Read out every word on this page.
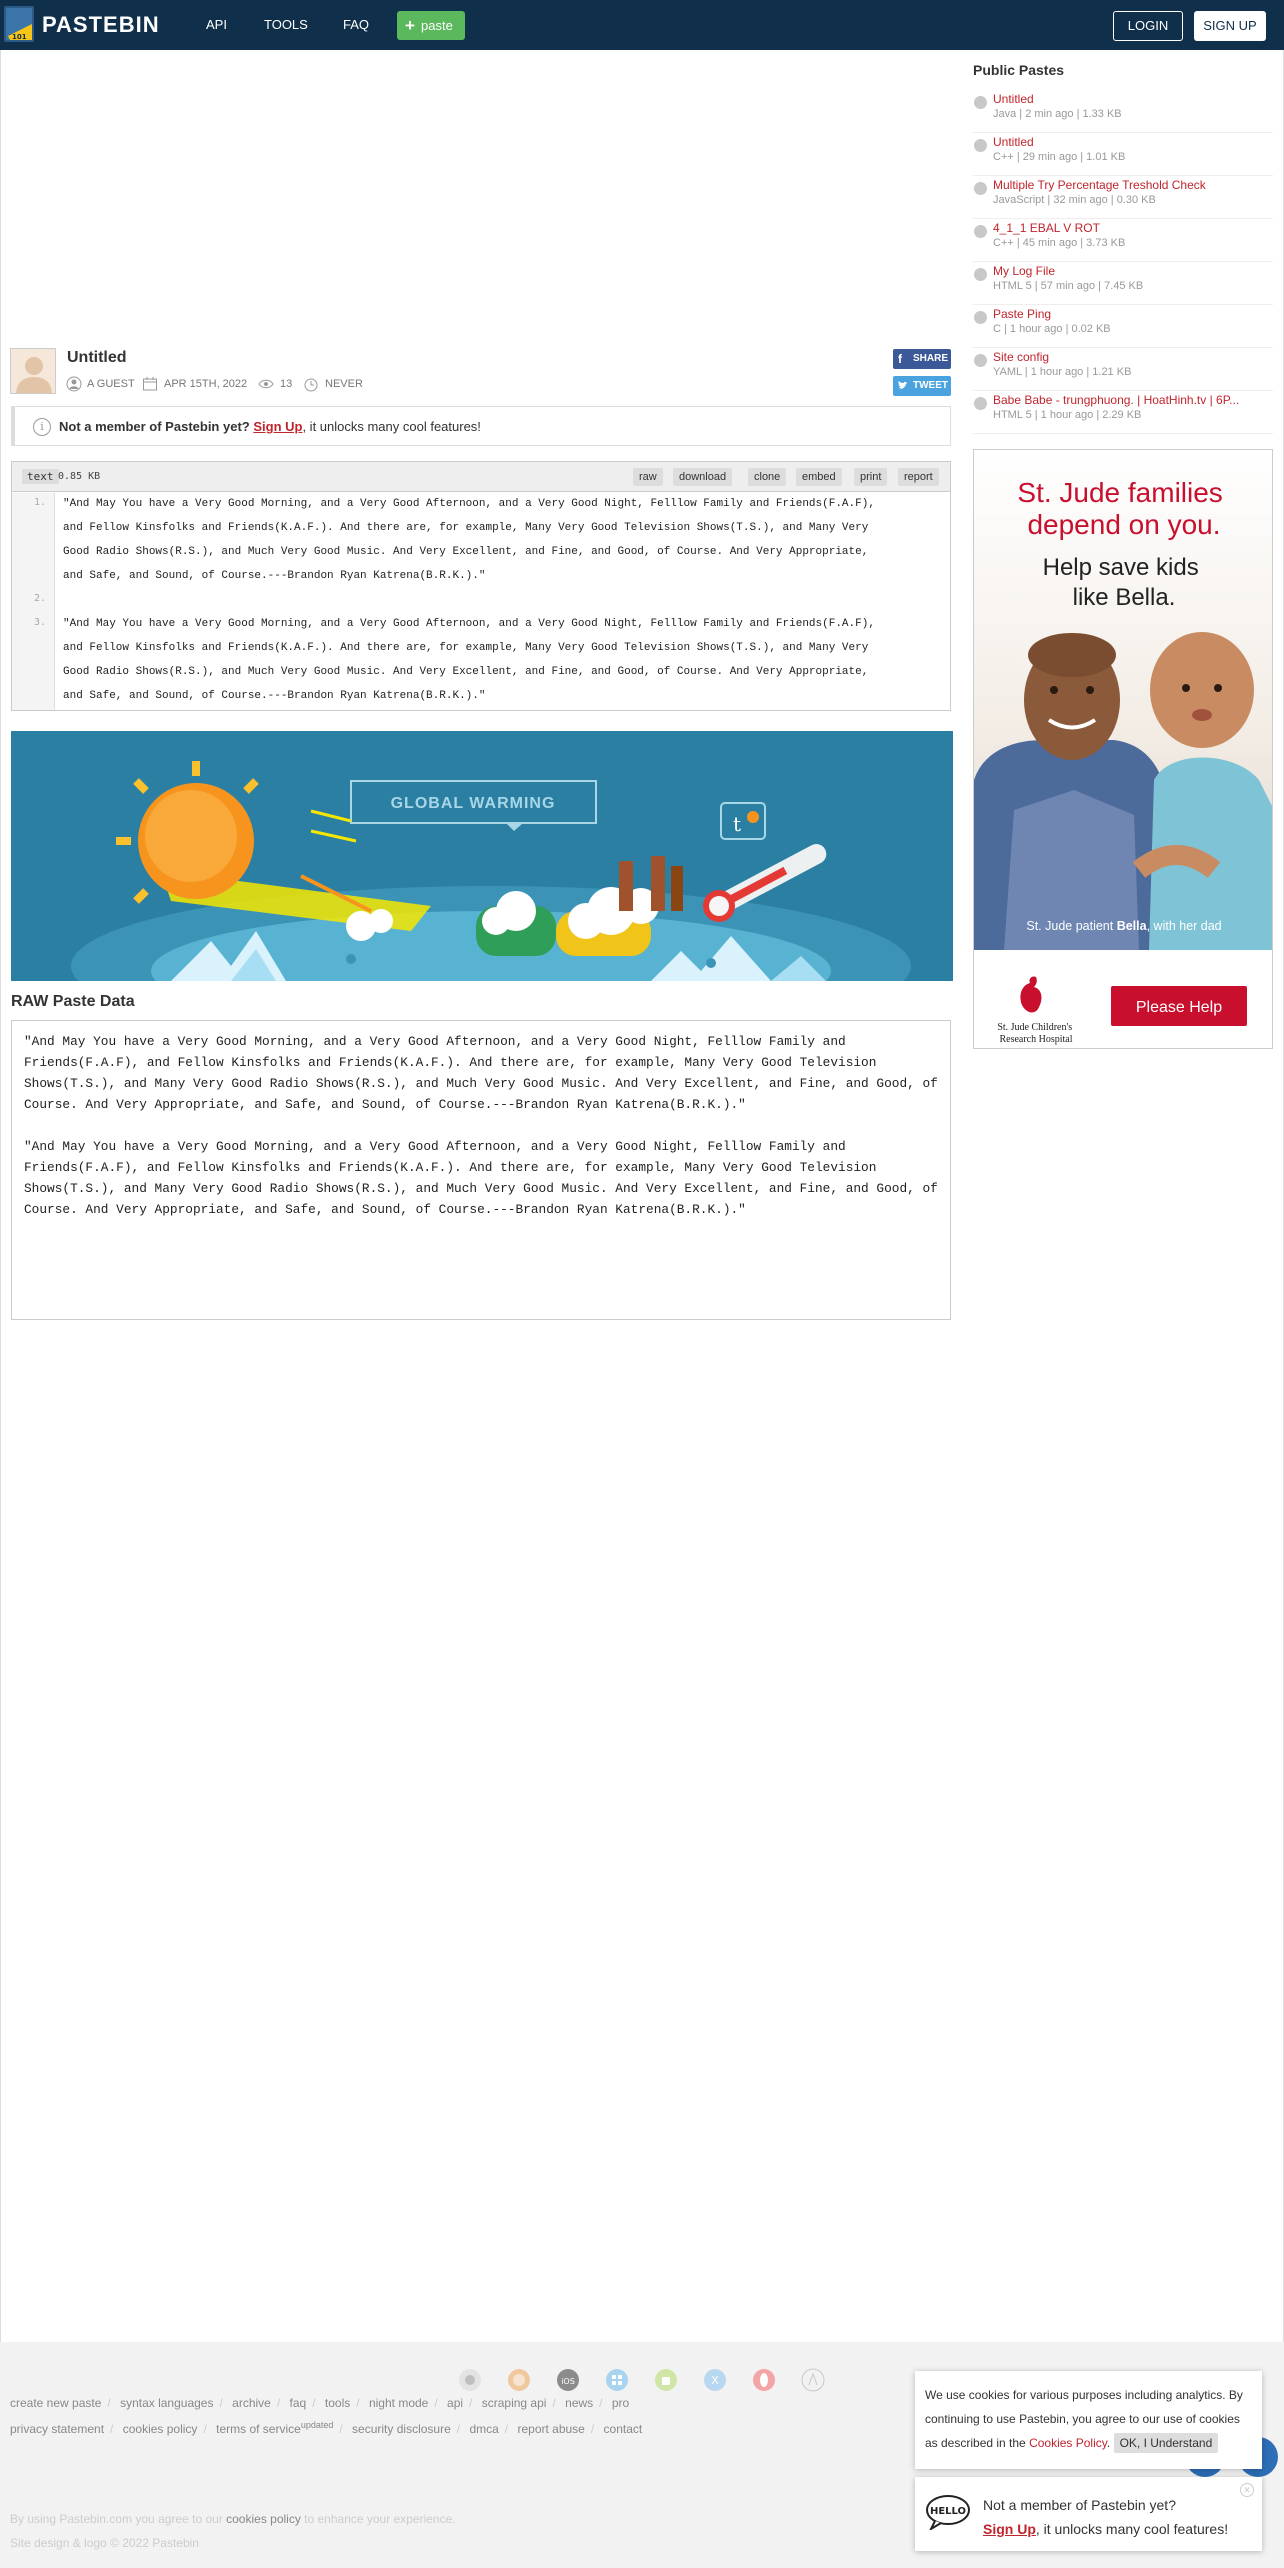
101 PASTEBIN	API	TOOLS	FAQ + paste	LOGIN	SIGN UP
Untitled
A GUEST	APR 15TH, 2022	13	NEVER
f SHARE
TWEET
i	Not a member of Pastebin yet? Sign Up, it unlocks many cool features!
text 0.85 KB	raw	download	clone	embed	print	report
1.
2.
3.
"And May You have a Very Good Morning, and a Very Good Afternoon, and a Very Good Night, Felllow Family and Friends(F.A.F),
and Fellow Kinsfolks and Friends(K.A.F.). And there are, for example, Many Very Good Television Shows(T.S.), and Many Very
Good Radio Shows(R.S.), and Much Very Good Music. And Very Excellent, and Fine, and Good, of Course. And Very Appropriate,
and Safe, and Sound, of Course.---Brandon Ryan Katrena(B.R.K.)."
"And May You have a Very Good Morning, and a Very Good Afternoon, and a Very Good Night, Felllow Family and Friends(F.A.F),
and Fellow Kinsfolks and Friends(K.A.F.). And there are, for example, Many Very Good Television Shows(T.S.), and Many Very
Good Radio Shows(R.S.), and Much Very Good Music. And Very Excellent, and Fine, and Good, of Course. And Very Appropriate,
and Safe, and Sound, of Course.---Brandon Ryan Katrena(B.R.K.)."
GLOBAL WARMING
t
RAW Paste Data

"And May You have a Very Good Morning, and a Very Good Afternoon, and a Very Good Night, Felllow Family and Friends(F.A.F), and Fellow Kinsfolks and Friends(K.A.F.). And there are, for example, Many Very Good Television Shows(T.S.), and Many Very Good Radio Shows(R.S.), and Much Very Good Music. And Very Excellent, and Fine, and Good, of Course. And Very Appropriate, and Safe, and Sound, of Course.---Brandon Ryan Katrena(B.R.K.)."

"And May You have a Very Good Morning, and a Very Good Afternoon, and a Very Good Night, Felllow Family and Friends(F.A.F), and Fellow Kinsfolks and Friends(K.A.F.). And there are, for example, Many Very Good Television Shows(T.S.), and Many Very Good Radio Shows(R.S.), and Much Very Good Music. And Very Excellent, and Fine, and Good, of Course. And Very Appropriate, and Safe, and Sound, of Course.---Brandon Ryan Katrena(B.R.K.)."

Public Pastes
Untitled
Java | 2 min ago | 1.33 KB
Untitled
C++ | 29 min ago | 1.01 KB
Multiple Try Percentage Treshold Check
JavaScript | 32 min ago | 0.30 KB
4_1_1 EBAL V ROT
C++ | 45 min ago | 3.73 KB
My Log File
HTML 5 | 57 min ago | 7.45 KB
Paste Ping
C | 1 hour ago | 0.02 KB
Site config
YAML | 1 hour ago | 1.21 KB
Babe Babe - trungphuong. | HoatHinh.tv | 6P...
HTML 5 | 1 hour ago | 2.29 KB
St. Jude families depend on you.
Help save kids like Bella.
St. Jude patient Bella, with her dad
St. Jude Children's Research Hospital
Please Help
iOS	X
create new paste / syntax languages / archive / faq / tools / night mode / api / scraping api / news / pro
privacy statement / cookies policy / terms of service$^{updated}$ / security disclosure / dmca / report abuse / contact
By using Pastebin.com you agree to our cookies policy to enhance your experience.
Site design & logo © 2022 Pastebin
We use cookies for various purposes including analytics. By continuing to use Pastebin, you agree to our use of cookies as described in the Cookies Policy. OK, I Understand
HELLO Not a member of Pastebin yet?
Sign Up, it unlocks many cool features!
✕
